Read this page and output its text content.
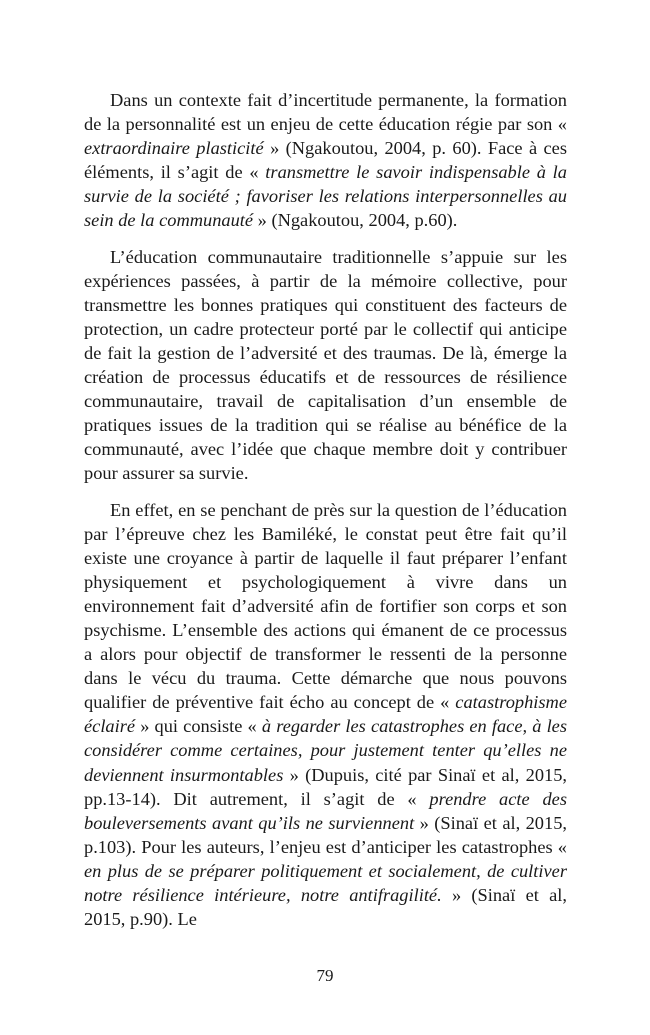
Dans un contexte fait d’incertitude permanente, la formation de la personnalité est un enjeu de cette éducation régie par son « extraordinaire plasticité » (Ngakoutou, 2004, p. 60). Face à ces éléments, il s’agit de « transmettre le savoir indispensable à la survie de la société ; favoriser les relations interpersonnelles au sein de la communauté » (Ngakoutou, 2004, p.60).

L’éducation communautaire traditionnelle s’appuie sur les expériences passées, à partir de la mémoire collective, pour transmettre les bonnes pratiques qui constituent des facteurs de protection, un cadre protecteur porté par le collectif qui anticipe de fait la gestion de l’adversité et des traumas. De là, émerge la création de processus éducatifs et de ressources de résilience communautaire, travail de capitalisation d’un ensemble de pratiques issues de la tradition qui se réalise au bénéfice de la communauté, avec l’idée que chaque membre doit y contribuer pour assurer sa survie.

En effet, en se penchant de près sur la question de l’éducation par l’épreuve chez les Bamiléké, le constat peut être fait qu’il existe une croyance à partir de laquelle il faut préparer l’enfant physiquement et psychologiquement à vivre dans un environnement fait d’adversité afin de fortifier son corps et son psychisme. L’ensemble des actions qui émanent de ce processus a alors pour objectif de transformer le ressenti de la personne dans le vécu du trauma. Cette démarche que nous pouvons qualifier de préventive fait écho au concept de « catastrophisme éclairé » qui consiste « à regarder les catastrophes en face, à les considérer comme certaines, pour justement tenter qu’elles ne deviennent insurmontables » (Dupuis, cité par Sinaï et al, 2015, pp.13-14). Dit autrement, il s’agit de « prendre acte des bouleversements avant qu’ils ne surviennent » (Sinaï et al, 2015, p.103). Pour les auteurs, l’enjeu est d’anticiper les catastrophes « en plus de se préparer politiquement et socialement, de cultiver notre résilience intérieure, notre antifragilité. » (Sinaï et al, 2015, p.90). Le

79
